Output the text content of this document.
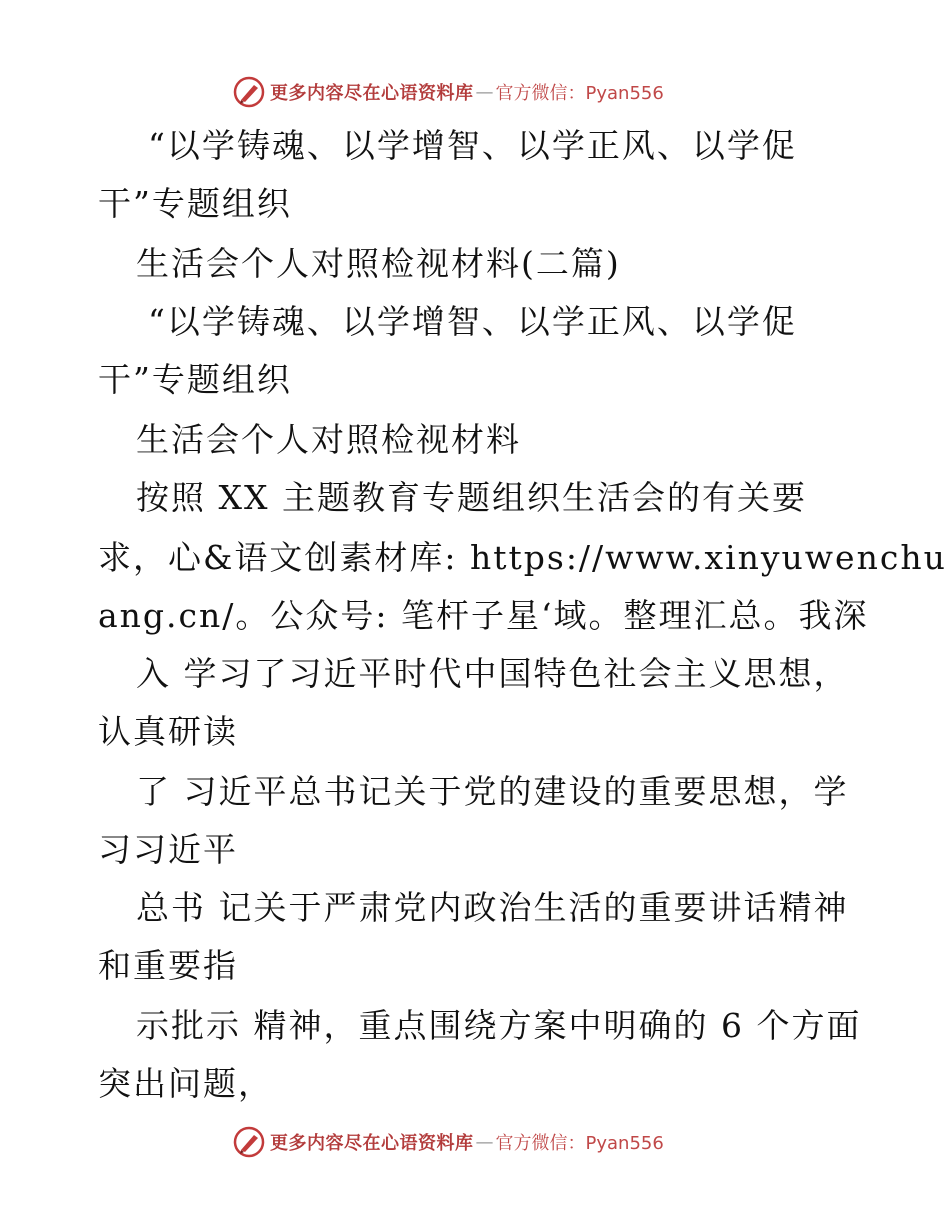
更多内容尽在心语资料库 — 官方微信：Pyan556
“以学铸魂、以学增智、以学正风、以学促
干”专题组织
生活会个人对照检视材料(二篇)
“以学铸魂、以学增智、以学正风、以学促
干”专题组织
生活会个人对照检视材料
按照 XX 主题教育专题组织生活会的有关要
求，心&语文创素材库: https://www.xinyuwenchu
ang.cn/。公众号: 笔杆子星‘域。整理汇总。我深
入 学习了习近平时代中国特色社会主义思想，
认真研读
了 习近平总书记关于党的建设的重要思想，学
习习近平
总书 记关于严肃党内政治生活的重要讲话精神
和重要指
示批示 精神，重点围绕方案中明确的 6 个方面
突出问题，
更多内容尽在心语资料库 — 官方微信：Pyan556
